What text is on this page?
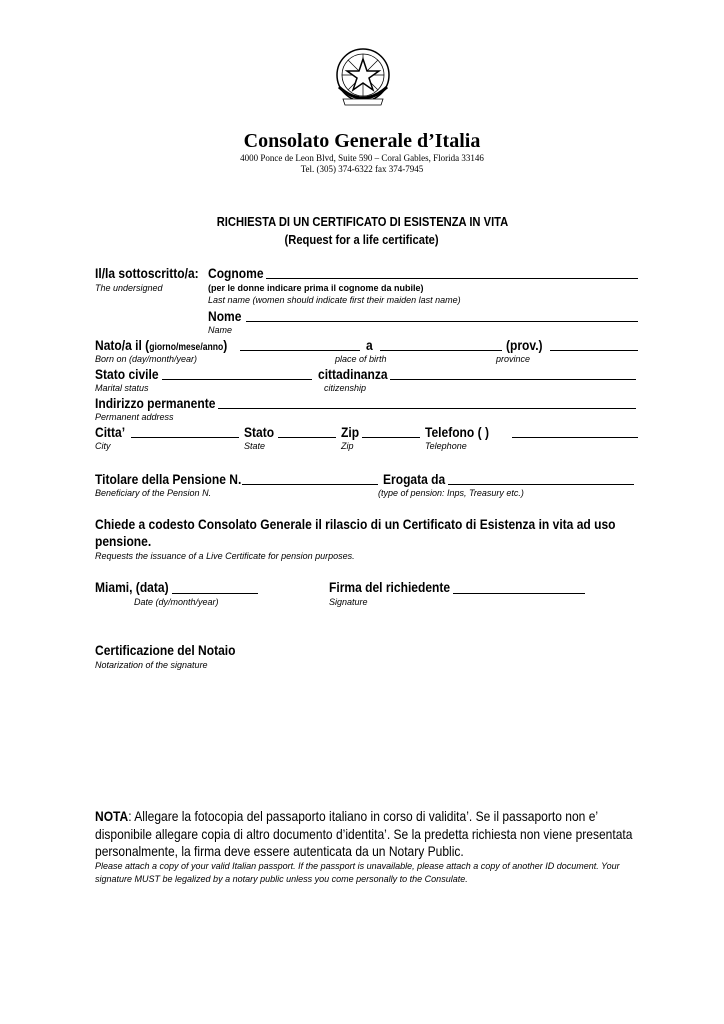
Consolato Generale d’Italia
4000 Ponce de Leon Blvd, Suite 590 – Coral Gables, Florida 33146
Tel. (305) 374-6322 fax 374-7945
RICHIESTA DI UN CERTIFICATO DI ESISTENZA IN VITA
(Request for a life certificate)
Il/la sottoscritto/a: Cognome
The undersigned	(per le donne indicare prima il cognome da nubile)
Last name (women should indicate first their maiden last name)
Nome
Name
Nato/a il (giorno/mese/anno)	a	(prov.)
Born on (day/month/year)	place of birth	province
Stato civile	cittadinanza
Marital status	citizenship
Indirizzo permanente
Permanent address
Citta’	Stato	Zip	Telefono ( )
City	State	Zip	Telephone
Titolare della Pensione N.	Erogata da
Beneficiary of the Pension N.	(type of pension: Inps, Treasury etc.)
Chiede a codesto Consolato Generale il rilascio di un Certificato di Esistenza in vita ad uso
pensione.
Requests the issuance of a Live Certificate for pension purposes.
Miami, (data)	Firma del richiedente
Date (dy/month/year)	Signature
Certificazione del Notaio
Notarization of the signature
NOTA: Allegare la fotocopia del passaporto italiano in corso di validita’. Se il passaporto non e’
disponibile allegare copia di altro documento d’identita’. Se la predetta richiesta non viene presentata
personalmente, la firma deve essere autenticata da un Notary Public.
Please attach a copy of your valid Italian passport. If the passport is unavailable, please attach a copy of another ID document. Your
signature MUST be legalized by a notary public unless you come personally to the Consulate.
